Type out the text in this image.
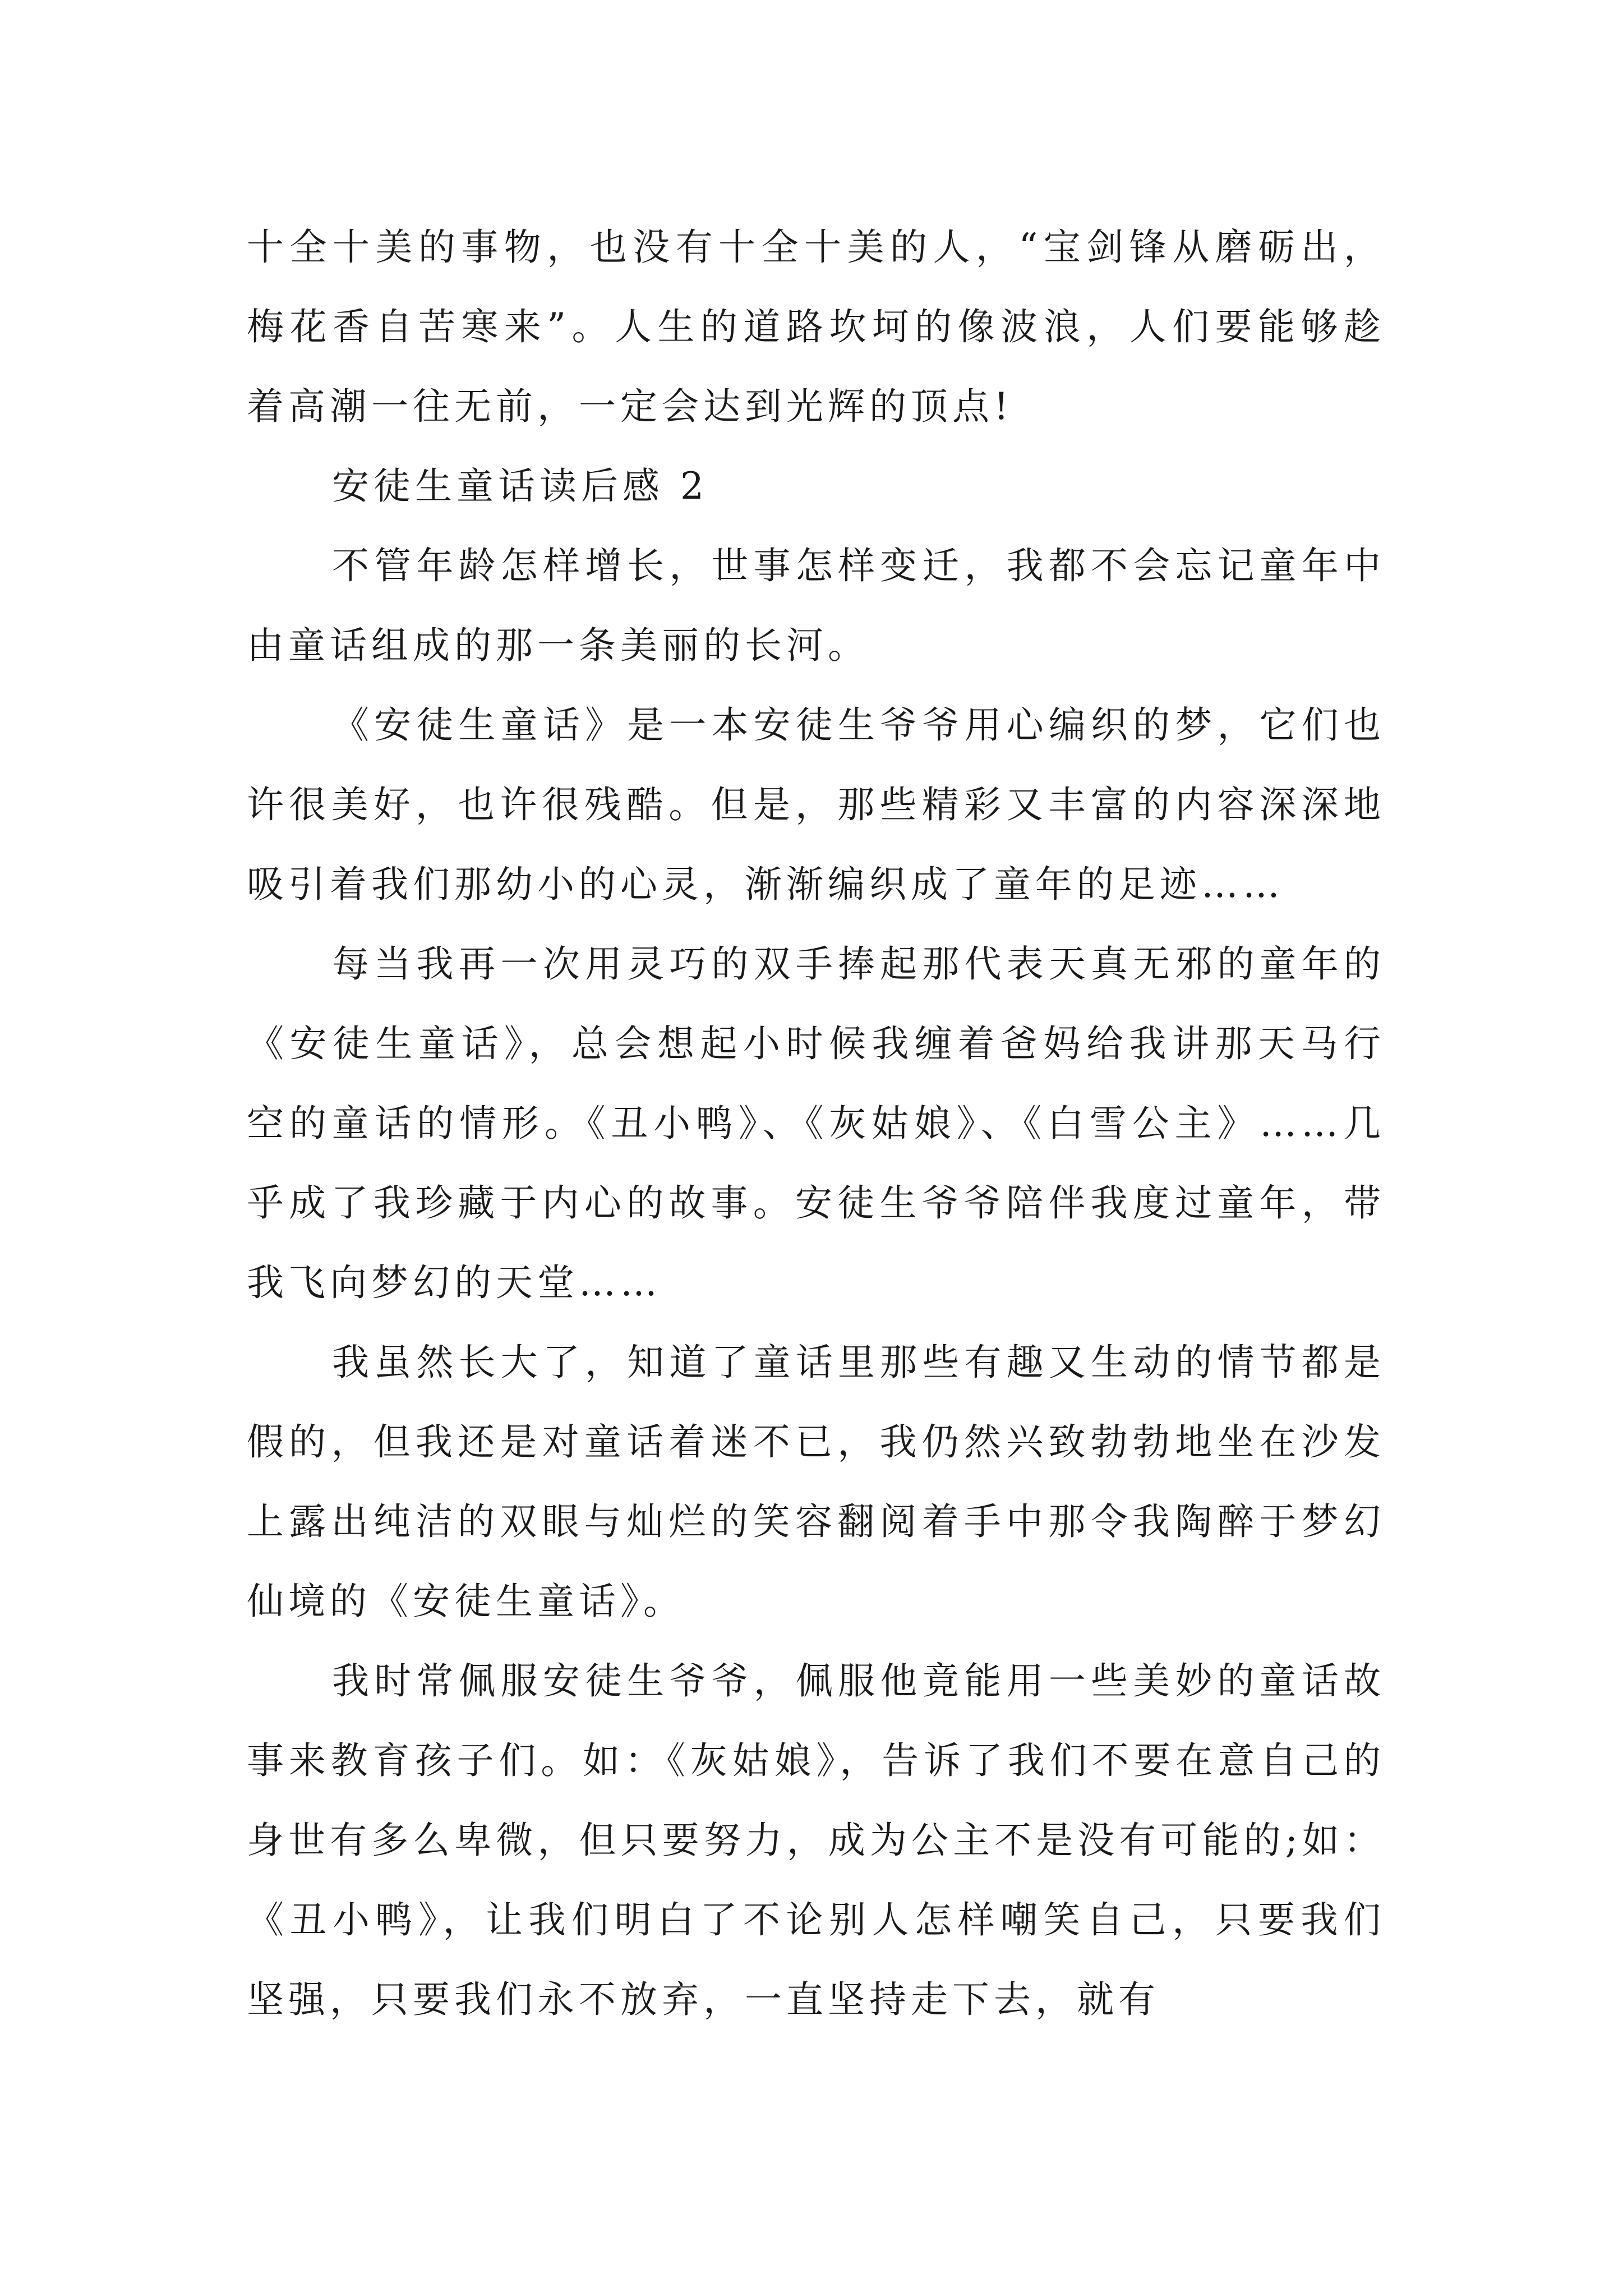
十全十美的事物，也没有十全十美的人，“宝剑锋从磨砺出，梅花香自苦寒来”。人生的道路坎坷的像波浪，人们要能够趁着高潮一往无前，一定会达到光辉的顶点!

安徒生童话读后感 2

不管年龄怎样增长，世事怎样变迁，我都不会忘记童年中由童话组成的那一条美丽的长河。

《安徒生童话》是一本安徒生爷爷用心编织的梦，它们也许很美好，也许很残酷。但是，那些精彩又丰富的内容深深地吸引着我们那幼小的心灵，渐渐编织成了童年的足迹……

每当我再一次用灵巧的双手捧起那代表天真无邪的童年的《安徒生童话》，总会想起小时候我缠着爸妈给我讲那天马行空的童话的情形。《丑小鸭》、《灰姑娘》、《白雪公主》……几乎成了我珍藏于内心的故事。安徒生爷爷陪伴我度过童年，带我飞向梦幻的天堂……

我虽然长大了，知道了童话里那些有趣又生动的情节都是假的，但我还是对童话着迷不已，我仍然兴致勃勃地坐在沙发上露出纯洁的双眼与灿烂的笑容翻阅着手中那令我陶醉于梦幻仙境的《安徒生童话》。

我时常佩服安徒生爷爷，佩服他竟能用一些美妙的童话故事来教育孩子们。如：《灰姑娘》，告诉了我们不要在意自己的身世有多么卑微，但只要努力，成为公主不是没有可能的;如：《丑小鸭》，让我们明白了不论别人怎样嘲笑自己，只要我们坚强，只要我们永不放弃，一直坚持走下去，就有
